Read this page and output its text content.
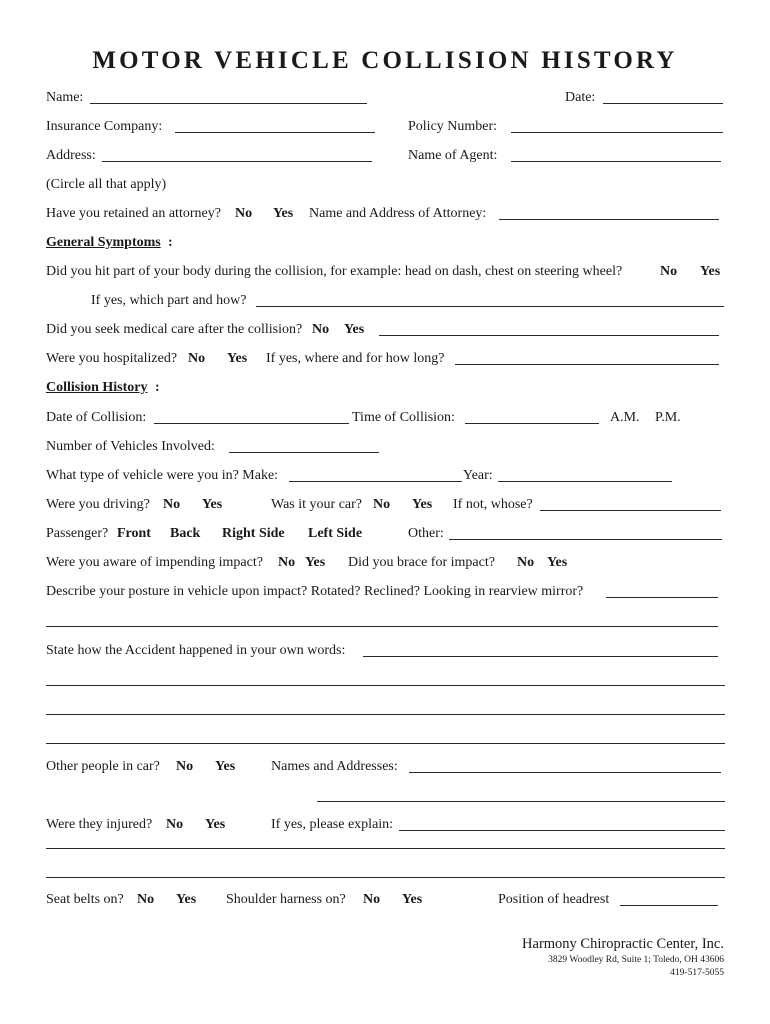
MOTOR VEHICLE COLLISION HISTORY
Name:	Date:
Insurance Company:	Policy Number:
Address:	Name of Agent:
(Circle all that apply)
Have you retained an attorney? No Yes Name and Address of Attorney:
General Symptoms :
Did you hit part of your body during the collision, for example: head on dash, chest on steering wheel?	No Yes
If yes, which part and how?
Did you seek medical care after the collision? No Yes
Were you hospitalized? No Yes If yes, where and for how long?
Collision History :
Date of Collision:	Time of Collision:	A.M. P.M.
Number of Vehicles Involved:
What type of vehicle were you in? Make:	Year:
Were you driving? No Yes	Was it your car? No Yes If not, whose?
Passenger? Front Back Right Side Left Side	Other:
Were you aware of impending impact? No Yes Did you brace for impact? No Yes
Describe your posture in vehicle upon impact? Rotated? Reclined? Looking in rearview mirror?
State how the Accident happened in your own words:
Other people in car? No Yes	Names and Addresses:
Were they injured? No Yes	If yes, please explain:
Seat belts on? No Yes Shoulder harness on? No Yes	Position of headrest
Harmony Chiropractic Center, Inc.
3829 Woodley Rd, Suite 1; Toledo, OH 43606
419-517-5055
